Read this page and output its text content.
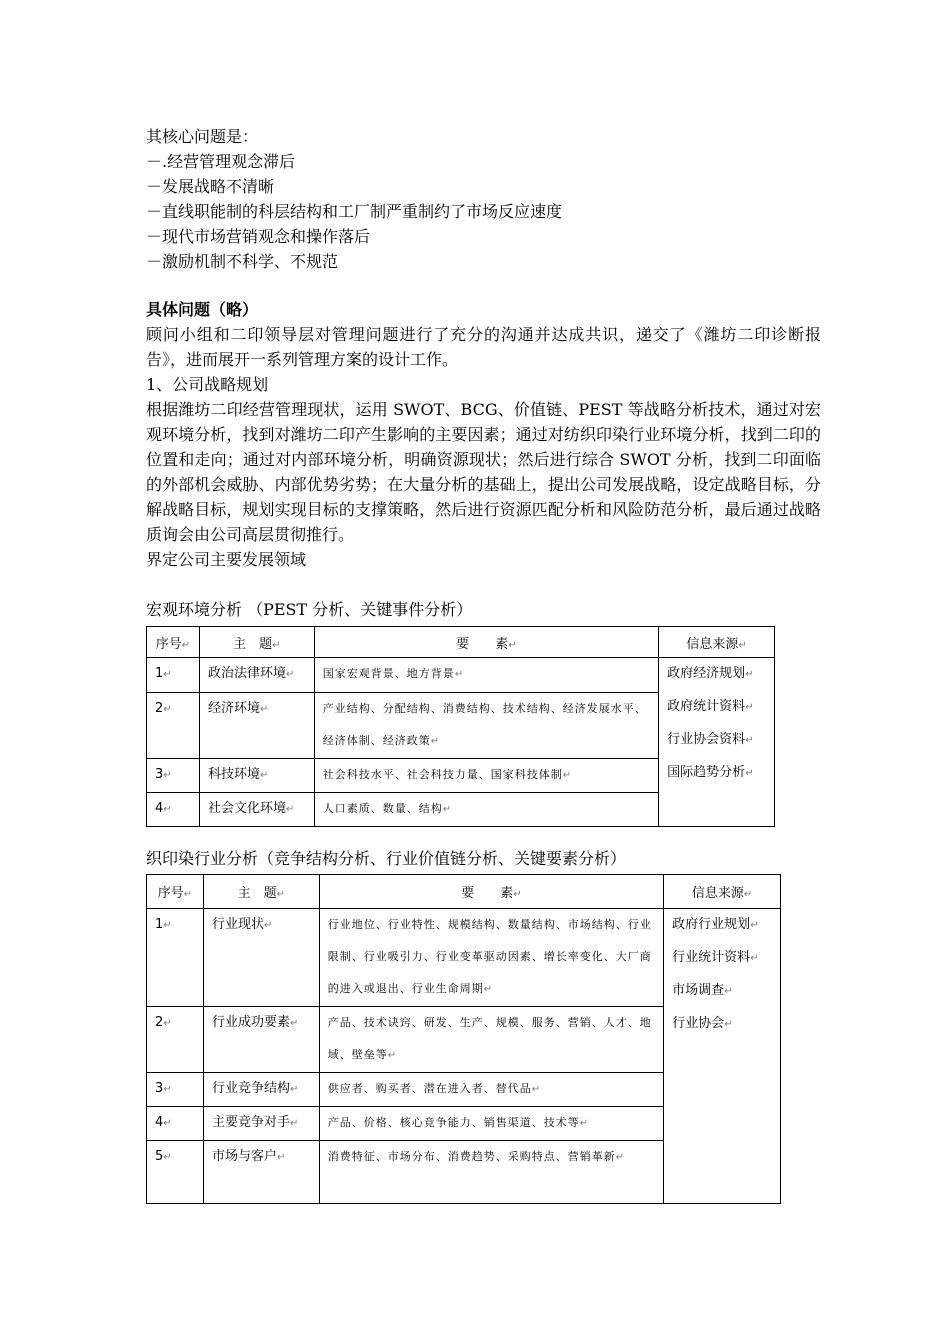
其核心问题是：
－.经营管理观念滞后
－发展战略不清晰
－直线职能制的科层结构和工厂制严重制约了市场反应速度
－现代市场营销观念和操作落后
－激励机制不科学、不规范
具体问题（略）
顾问小组和二印领导层对管理问题进行了充分的沟通并达成共识，递交了《潍坊二印诊断报告》，进而展开一系列管理方案的设计工作。
1、公司战略规划
根据潍坊二印经营管理现状，运用 SWOT、BCG、价值链、PEST 等战略分析技术，通过对宏观环境分析，找到对潍坊二印产生影响的主要因素；通过对纺织印染行业环境分析，找到二印的位置和走向；通过对内部环境分析，明确资源现状；然后进行综合 SWOT 分析，找到二印面临的外部机会威胁、内部优势劣势；在大量分析的基础上，提出公司发展战略，设定战略目标，分解战略目标，规划实现目标的支撑策略，然后进行资源匹配分析和风险防范分析，最后通过战略质询会由公司高层贯彻推行。
界定公司主要发展领域
宏观环境分析 （PEST 分析、关键事件分析）
序号↵	主　题↵	要　　素↵	信息来源↵
1↵	政治法律环境↵	国家宏观背景、地方背景↵	政府经济规划↵
政府统计资料↵
行业协会资料↵
国际趋势分析↵

2↵	经济环境↵	产业结构、分配结构、消费结构、技术结构、经济发展水平、经济体制、经济政策↵	
3↵	科技环境↵	社会科技水平、社会科技力量、国家科技体制↵	
4↵	社会文化环境↵	人口素质、数量、结构↵	
织印染行业分析（竞争结构分析、行业价值链分析、关键要素分析）
序号↵	主　题↵	要　　素↵	信息来源↵
1↵	行业现状↵	行业地位、行业特性、规模结构、数量结构、市场结构、行业限制、行业吸引力、行业变革驱动因素、增长率变化、大厂商的进入或退出、行业生命周期↵	政府行业规划↵
行业统计资料↵
市场调查↵
行业协会↵

2↵	行业成功要素↵	产品、技术诀窍、研发、生产、规模、服务、营销、人才、地域、壁垒等↵	
3↵	行业竞争结构↵	供应者、购买者、潜在进入者、替代品↵	
4↵	主要竞争对手↵	产品、价格、核心竞争能力、销售渠道、技术等↵	
5↵	市场与客户↵	消费特征、市场分布、消费趋势、采购特点、营销革新↵	
